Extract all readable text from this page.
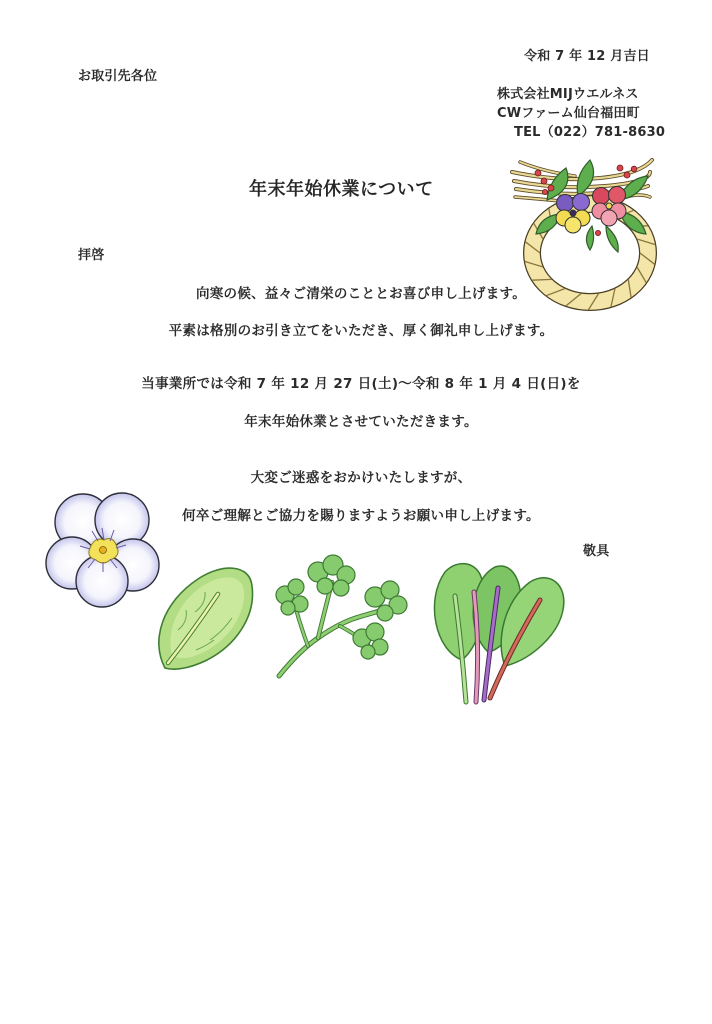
令和 7 年 12 月吉日
お取引先各位
株式会社MIJウエルネス
CWファーム仙台福田町
TEL（022）781-8630
年末年始休業について
拝啓
向寒の候、益々ご清栄のこととお喜び申し上げます。
平素は格別のお引き立てをいただき、厚く御礼申し上げます。
当事業所では令和 7 年 12 月 27 日(土)～令和 8 年 1 月 4 日(日)を
年末年始休業とさせていただきます。
大変ご迷惑をおかけいたしますが、
何卒ご理解とご協力を賜りますようお願い申し上げます。
敬具
